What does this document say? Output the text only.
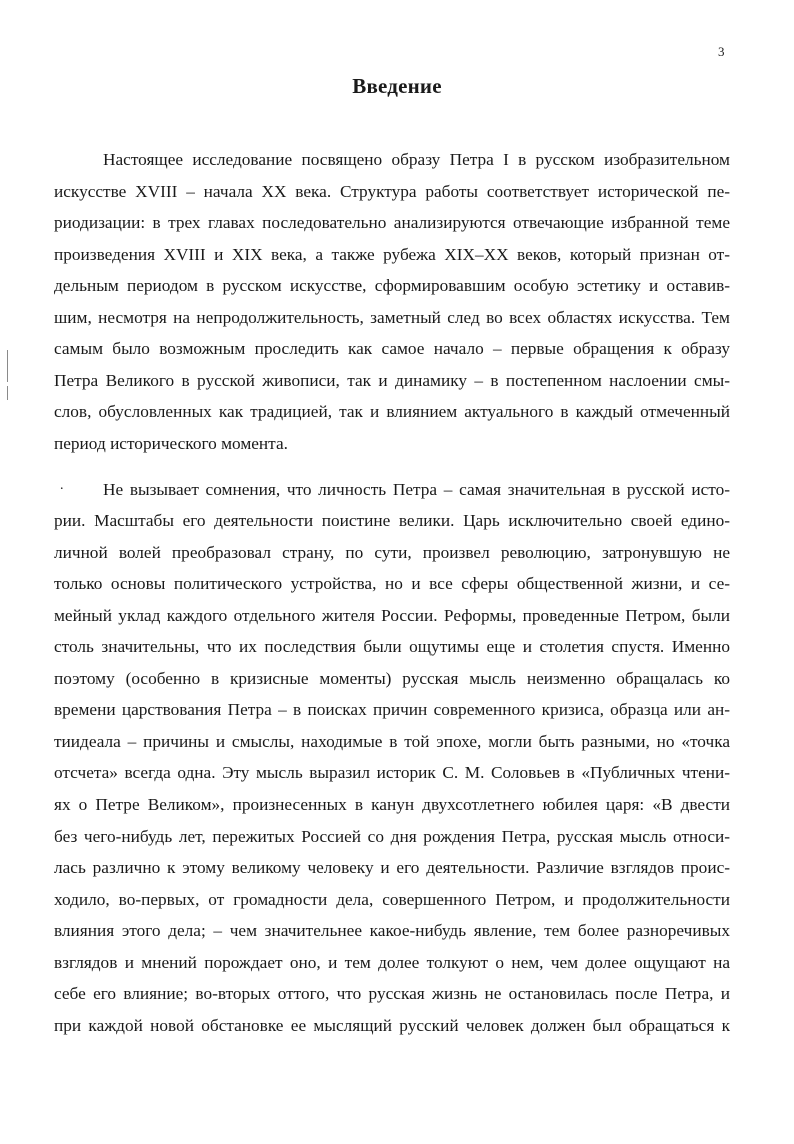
3
Введение
.
Настоящее исследование посвящено образу Петра I в русском изобразительном
искусстве XVIII – начала XX века. Структура работы соответствует исторической пе-
риодизации: в трех главах последовательно анализируются отвечающие избранной теме
произведения XVIII и XIX века, а также рубежа XIX–XX веков, который признан от-
дельным периодом в русском искусстве, сформировавшим особую эстетику и оставив-
шим, несмотря на непродолжительность, заметный след во всех областях искусства. Тем
самым было возможным проследить как самое начало – первые обращения к образу
Петра Великого в русской живописи, так и динамику – в постепенном наслоении смы-
слов, обусловленных как традицией, так и влиянием актуального в каждый отмеченный
период исторического момента.
Не вызывает сомнения, что личность Петра – самая значительная в русской исто-
рии. Масштабы его деятельности поистине велики. Царь исключительно своей едино-
личной волей преобразовал страну, по сути, произвел революцию, затронувшую не
только основы политического устройства, но и все сферы общественной жизни, и се-
мейный уклад каждого отдельного жителя России. Реформы, проведенные Петром, были
столь значительны, что их последствия были ощутимы еще и столетия спустя. Именно
поэтому (особенно в кризисные моменты) русская мысль неизменно обращалась ко
времени царствования Петра – в поисках причин современного кризиса, образца или ан-
тиидеала – причины и смыслы, находимые в той эпохе, могли быть разными, но «точка
отсчета» всегда одна. Эту мысль выразил историк С. М. Соловьев в «Публичных чтени-
ях о Петре Великом», произнесенных в канун двухсотлетнего юбилея царя: «В двести
без чего-нибудь лет, пережитых Россией со дня рождения Петра, русская мысль относи-
лась различно к этому великому человеку и его деятельности. Различие взглядов проис-
ходило, во-первых, от громадности дела, совершенного Петром, и продолжительности
влияния этого дела; – чем значительнее какое-нибудь явление, тем более разноречивых
взглядов и мнений порождает оно, и тем долее толкуют о нем, чем долее ощущают на
себе его влияние; во-вторых оттого, что русская жизнь не остановилась после Петра, и
при каждой новой обстановке ее мыслящий русский человек должен был обращаться к
